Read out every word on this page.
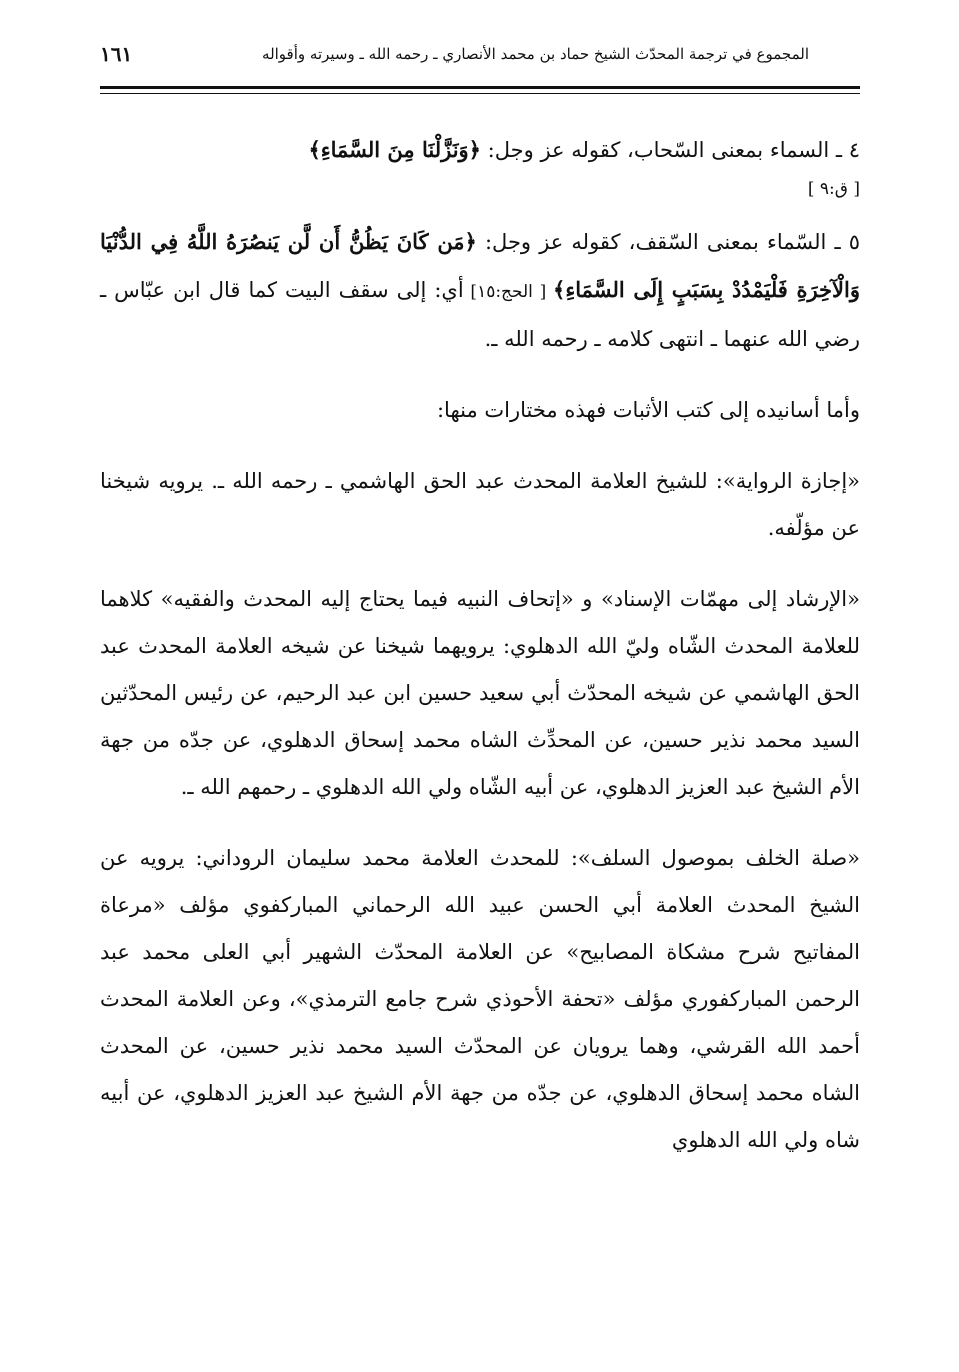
المجموع في ترجمة المحدّث الشيخ حماد بن محمد الأنصاري ـ رحمه الله ـ وسيرته وأقواله
١٦١

٤ ـ السماء بمعنى السّحاب، كقوله عز وجل: ﴿وَنَزَّلْنَا مِنَ السَّمَاءِ﴾

[ ق:٩ ]

٥ ـ السّماء بمعنى السّقف، كقوله عز وجل: ﴿مَن كَانَ يَظُنُّ أَن لَّن يَنصُرَهُ اللَّهُ فِي الدُّنْيَا وَالْآخِرَةِ فَلْيَمْدُدْ بِسَبَبٍ إِلَى السَّمَاءِ﴾ [ الحج:١٥] أي: إلى سقف البيت كما قال ابن عبّاس ـ رضي الله عنهما ـ انتهى كلامه ـ رحمه الله ـ.

وأما أسانيده إلى كتب الأثبات فهذه مختارات منها:

«إجازة الرواية»: للشيخ العلامة المحدث عبد الحق الهاشمي ـ رحمه الله ـ. يرويه شيخنا عن مؤلّفه.

«الإرشاد إلى مهمّات الإسناد» و «إتحاف النبيه فيما يحتاج إليه المحدث والفقيه» كلاهما للعلامة المحدث الشّاه وليّ الله الدهلوي: يرويهما شيخنا عن شيخه العلامة المحدث عبد الحق الهاشمي عن شيخه المحدّث أبي سعيد حسين ابن عبد الرحيم، عن رئيس المحدّثين السيد محمد نذير حسين، عن المحدِّث الشاه محمد إسحاق الدهلوي، عن جدّه من جهة الأم الشيخ عبد العزيز الدهلوي، عن أبيه الشّاه ولي الله الدهلوي ـ رحمهم الله ـ.

«صلة الخلف بموصول السلف»: للمحدث العلامة محمد سليمان الروداني: يرويه عن الشيخ المحدث العلامة أبي الحسن عبيد الله الرحماني المباركفوي مؤلف «مرعاة المفاتيح شرح مشكاة المصابيح» عن العلامة المحدّث الشهير أبي العلى محمد عبد الرحمن المباركفوري مؤلف «تحفة الأحوذي شرح جامع الترمذي»، وعن العلامة المحدث أحمد الله القرشي، وهما يرويان عن المحدّث السيد محمد نذير حسين، عن المحدث الشاه محمد إسحاق الدهلوي، عن جدّه من جهة الأم الشيخ عبد العزيز الدهلوي، عن أبيه شاه ولي الله الدهلوي
